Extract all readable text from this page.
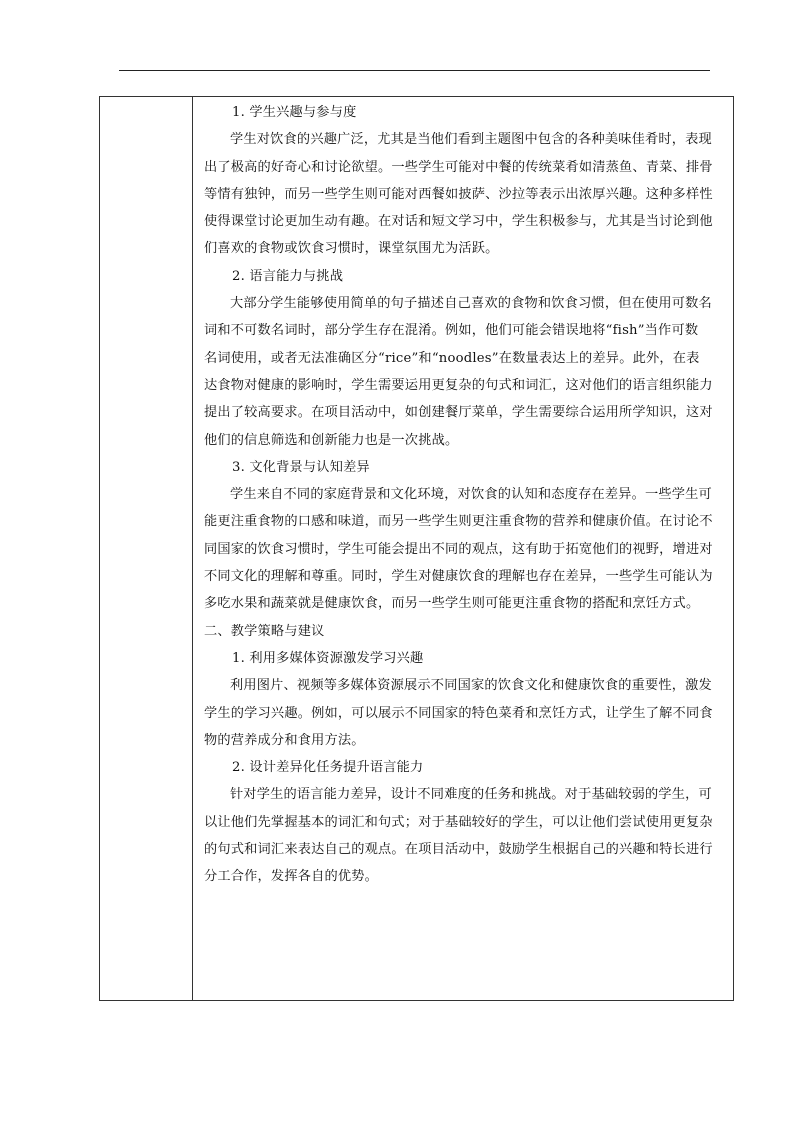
1. 学生兴趣与参与度
学生对饮食的兴趣广泛，尤其是当他们看到主题图中包含的各种美味佳肴时，表现
出了极高的好奇心和讨论欲望。一些学生可能对中餐的传统菜肴如清蒸鱼、青菜、排骨
等情有独钟，而另一些学生则可能对西餐如披萨、沙拉等表示出浓厚兴趣。这种多样性
使得课堂讨论更加生动有趣。在对话和短文学习中，学生积极参与，尤其是当讨论到他
们喜欢的食物或饮食习惯时，课堂氛围尤为活跃。
2. 语言能力与挑战
大部分学生能够使用简单的句子描述自己喜欢的食物和饮食习惯，但在使用可数名
词和不可数名词时，部分学生存在混淆。例如，他们可能会错误地将“fish”当作可数
名词使用，或者无法准确区分“rice”和“noodles”在数量表达上的差异。此外，在表
达食物对健康的影响时，学生需要运用更复杂的句式和词汇，这对他们的语言组织能力
提出了较高要求。在项目活动中，如创建餐厅菜单，学生需要综合运用所学知识，这对
他们的信息筛选和创新能力也是一次挑战。
3. 文化背景与认知差异
学生来自不同的家庭背景和文化环境，对饮食的认知和态度存在差异。一些学生可
能更注重食物的口感和味道，而另一些学生则更注重食物的营养和健康价值。在讨论不
同国家的饮食习惯时，学生可能会提出不同的观点，这有助于拓宽他们的视野，增进对
不同文化的理解和尊重。同时，学生对健康饮食的理解也存在差异，一些学生可能认为
多吃水果和蔬菜就是健康饮食，而另一些学生则可能更注重食物的搭配和烹饪方式。
二、教学策略与建议
1. 利用多媒体资源激发学习兴趣
利用图片、视频等多媒体资源展示不同国家的饮食文化和健康饮食的重要性，激发
学生的学习兴趣。例如，可以展示不同国家的特色菜肴和烹饪方式，让学生了解不同食
物的营养成分和食用方法。
2. 设计差异化任务提升语言能力
针对学生的语言能力差异，设计不同难度的任务和挑战。对于基础较弱的学生，可
以让他们先掌握基本的词汇和句式；对于基础较好的学生，可以让他们尝试使用更复杂
的句式和词汇来表达自己的观点。在项目活动中，鼓励学生根据自己的兴趣和特长进行
分工合作，发挥各自的优势。
